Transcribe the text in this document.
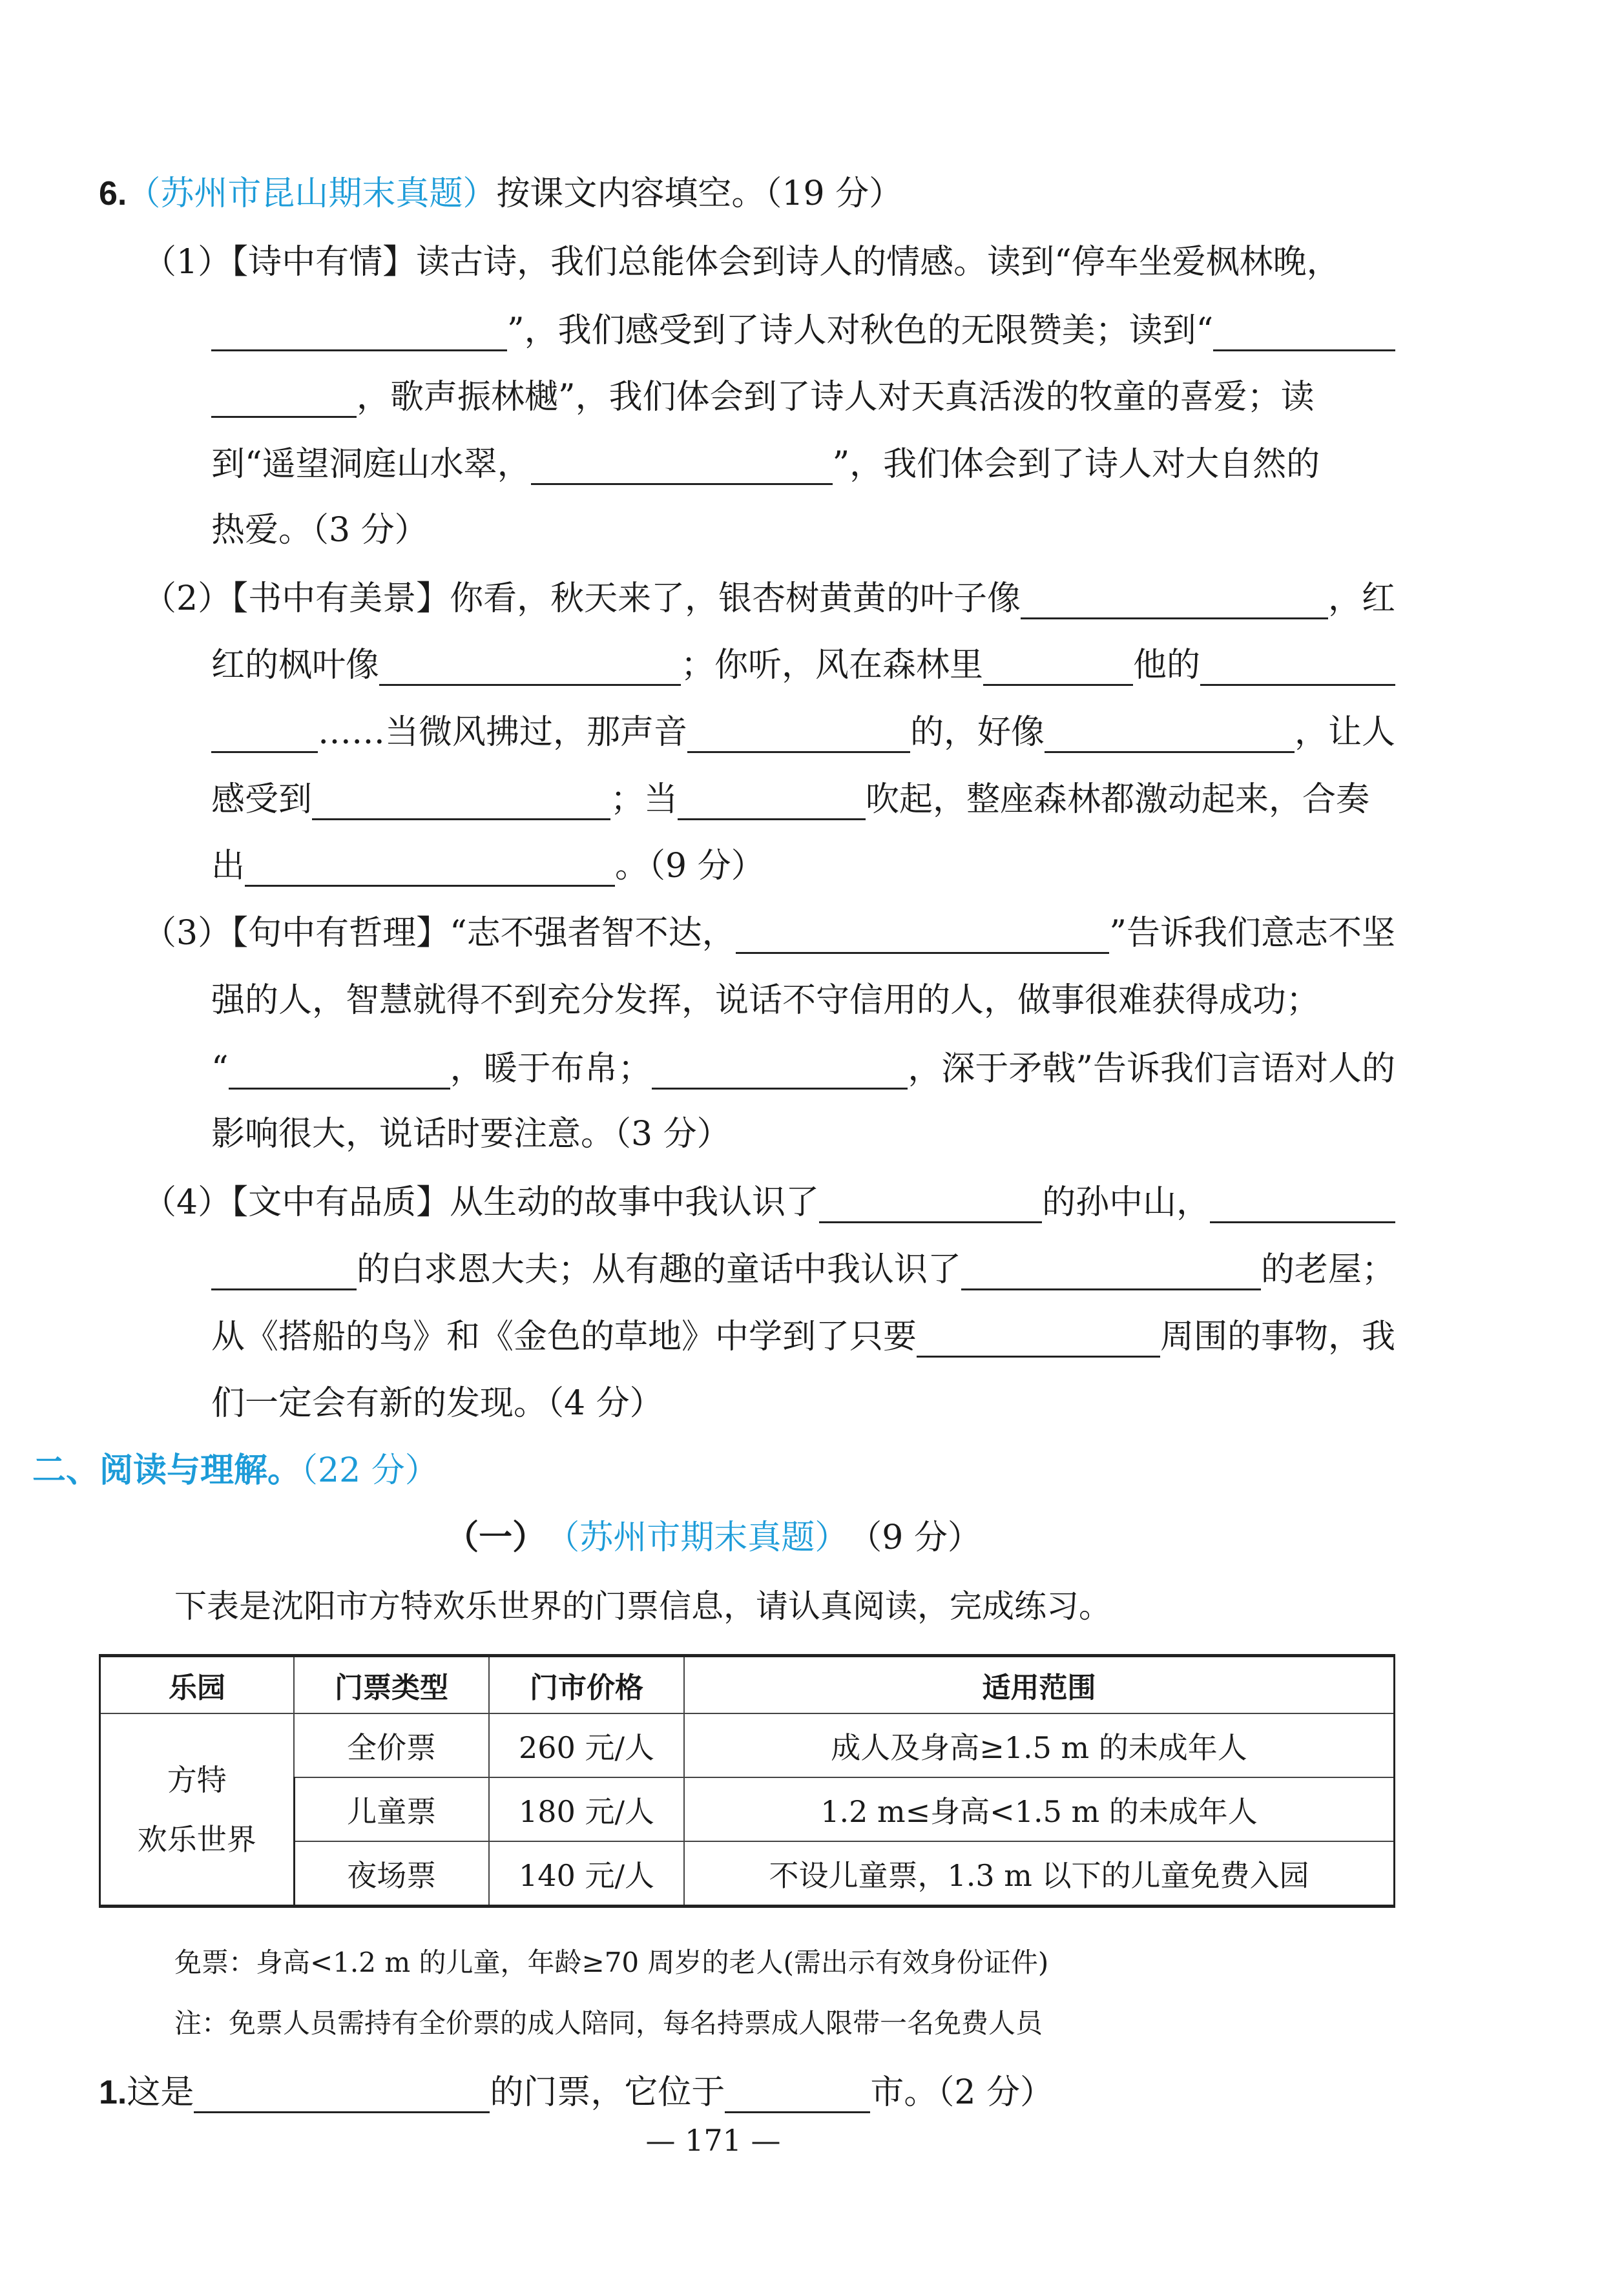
6. （苏州市昆山期末真题） 按课文内容填空。（19 分）
（1）【诗中有情】读古诗，我们总能体会到诗人的情感。读到“停车坐爱枫林晚，
”，我们感受到了诗人对秋色的无限赞美；读到“
，歌声振林樾”，我们体会到了诗人对天真活泼的牧童的喜爱；读
到“遥望洞庭山水翠，	”，我们体会到了诗人对大自然的
热爱。（3 分）
（2）【书中有美景】你看，秋天来了，银杏树黄黄的叶子像	，红
红的枫叶像	；你听，风在森林里	他的
……当微风拂过，那声音	的，好像	，让人
感受到	；当	吹起，整座森林都激动起来，合奏
出	。（9 分）
（3）【句中有哲理】“志不强者智不达，	”告诉我们意志不坚
强的人，智慧就得不到充分发挥，说话不守信用的人，做事很难获得成功；
“	，暖于布帛；	，深于矛戟”告诉我们言语对人的
影响很大，说话时要注意。（3 分）
（4）【文中有品质】从生动的故事中我认识了	的孙中山，
的白求恩大夫；从有趣的童话中我认识了	的老屋；
从《搭船的鸟》和《金色的草地》中学到了只要	周围的事物，我
们一定会有新的发现。（4 分）
二、阅读与理解。（22 分）
（一） （苏州市期末真题） （9 分）
下表是沈阳市方特欢乐世界的门票信息，请认真阅读，完成练习。
乐园	门票类型	门市价格	适用范围

方特
欢乐世界	全价票	260 元/人	成人及身高≥1.5 m 的未成年人
	儿童票	180 元/人	1.2 m≤身高<1.5 m 的未成年人
	夜场票	140 元/人	不设儿童票，1.3 m 以下的儿童免费入园
免票：身高<1.2 m 的儿童，年龄≥70 周岁的老人(需出示有效身份证件)
注：免票人员需持有全价票的成人陪同，每名持票成人限带一名免费人员
1. 这是	的门票，它位于	市。（2 分）
— 171 —
